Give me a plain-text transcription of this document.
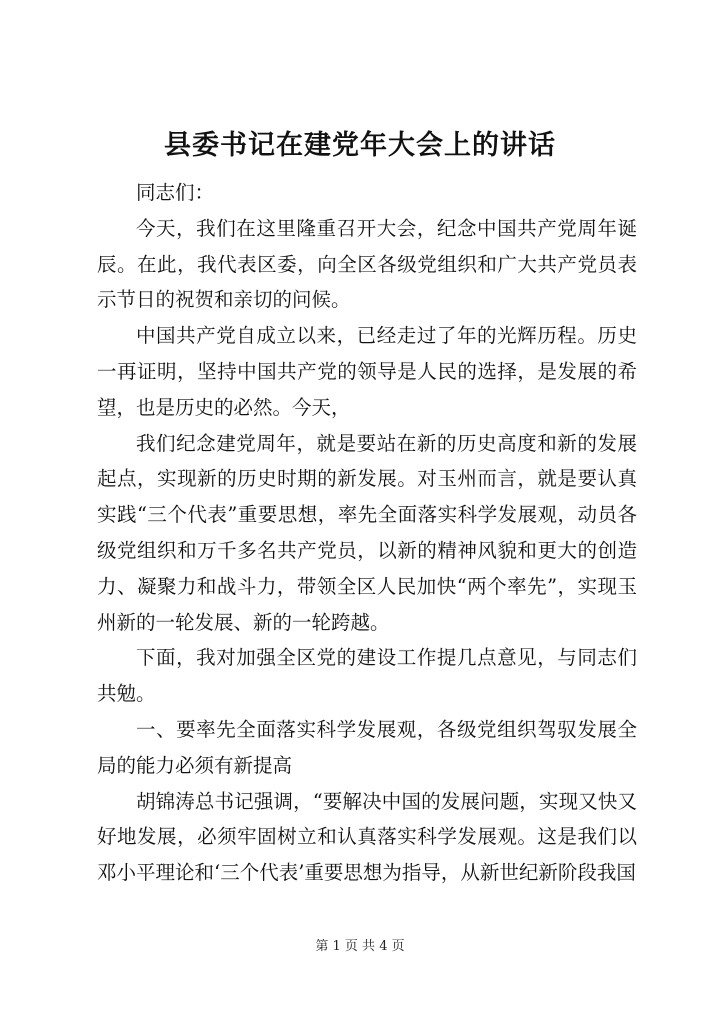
县委书记在建党年大会上的讲话

同志们：

今天，我们在这里隆重召开大会，纪念中国共产党周年诞辰。在此，我代表区委，向全区各级党组织和广大共产党员表示节日的祝贺和亲切的问候。

中国共产党自成立以来，已经走过了年的光辉历程。历史一再证明，坚持中国共产党的领导是人民的选择，是发展的希望，也是历史的必然。今天，

我们纪念建党周年，就是要站在新的历史高度和新的发展起点，实现新的历史时期的新发展。对玉州而言，就是要认真实践“三个代表”重要思想，率先全面落实科学发展观，动员各级党组织和万千多名共产党员，以新的精神风貌和更大的创造力、凝聚力和战斗力，带领全区人民加快“两个率先”，实现玉州新的一轮发展、新的一轮跨越。

下面，我对加强全区党的建设工作提几点意见，与同志们共勉。

一、要率先全面落实科学发展观，各级党组织驾驭发展全局的能力必须有新提高

胡锦涛总书记强调，“要解决中国的发展问题，实现又快又好地发展，必须牢固树立和认真落实科学发展观。这是我们以邓小平理论和‘三个代表’重要思想为指导，从新世纪新阶段我国

第 1 页 共 4 页
